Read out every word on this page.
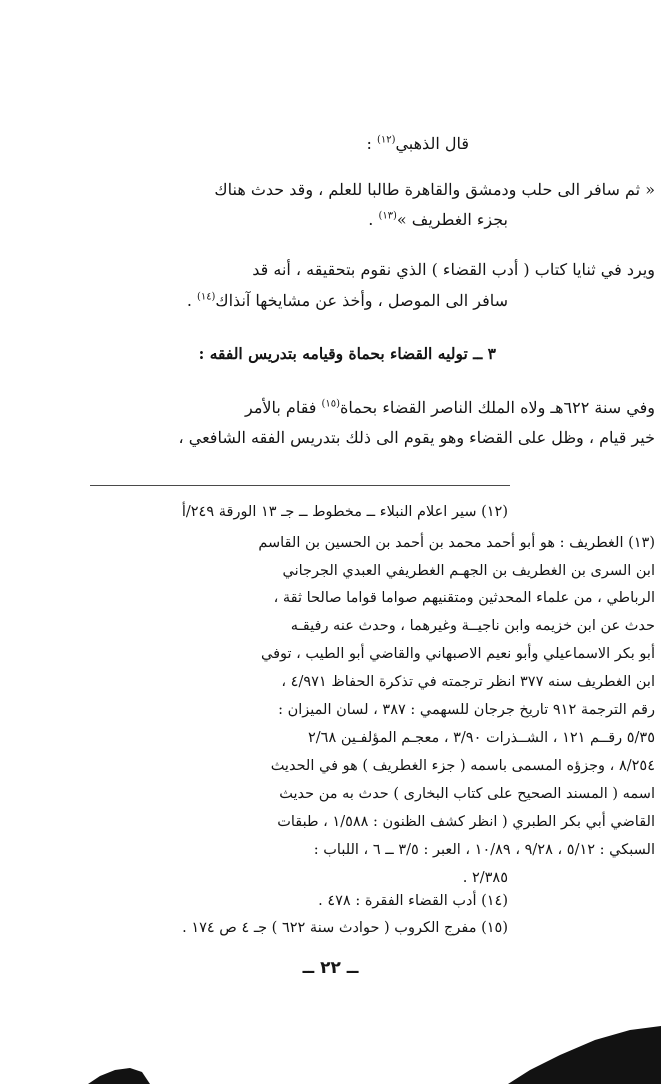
قال الذهبي$^{(١٢)}$ :
« ثم سافر الى حلب ودمشق والقاهرة طالبا للعلم ، وقد حدث هناك
بجزء الغطريف »$^{(١٣)}$ .
ويرد في ثنايا كتاب ( أدب القضاء ) الذي نقوم بتحقيقه ، أنه قد
سافر الى الموصل ، وأخذ عن مشايخها آنذاك$^{(١٤)}$ .
٣ ــ توليه القضاء بحماة وقيامه بتدريس الفقه :
وفي سنة ٦٢٢هـ ولاه الملك الناصر القضاء بحماة$^{(١٥)}$ فقام بالأمر
خير قيام ، وظل على القضاء وهو يقوم الى ذلك بتدريس الفقه الشافعي ،
(١٢) سير اعلام النبلاء ــ مخطوط ــ جـ ١٣ الورقة ٢٤٩/أ
(١٣) الغطريف : هو أبو أحمد محمد بن أحمد بن الحسين بن القاسم
ابن السرى بن الغطريف بن الجهـم الغطريفي العبدي الجرجاني
الرباطي ، من علماء المحدثين ومتقنيهم صواما قواما صالحا ثقة ،
حدث عن ابن خزيمه وابن ناجيــة وغيرهما ، وحدث عنه رفيقـه
أبو بكر الاسماعيلي وأبو نعيم الاصبهاني والقاضي أبو الطيب ، توفي
ابن الغطريف سنه ٣٧٧ انظر ترجمته في تذكرة الحفاظ ٤/٩٧١ ،
رقم الترجمة ٩١٢ تاريخ جرجان للسهمي : ٣٨٧ ، لسان الميزان :
٥/٣٥ رقــم ١٢١ ، الشــذرات ٣/٩٠ ، معجـم المؤلفـين ٢/٦٨
٨/٢٥٤ ، وجزؤه المسمى باسمه ( جزء الغطريف ) هو في الحديث
اسمه ( المسند الصحيح على كتاب البخارى ) حدث به من حديث
القاضي أبي بكر الطبري ( انظر كشف الظنون : ١/٥٨٨ ، طبقات
السبكي : ٥/١٢ ، ٩/٢٨ ، ١٠/٨٩ ، العبر : ٣/٥ ــ ٦ ، اللباب :
٢/٣٨٥ .
(١٤) أدب القضاء الفقرة : ٤٧٨ .
(١٥) مفرج الكروب ( حوادث سنة ٦٢٢ ) جـ ٤ ص ١٧٤ .
ــ ٢٢ ــ
